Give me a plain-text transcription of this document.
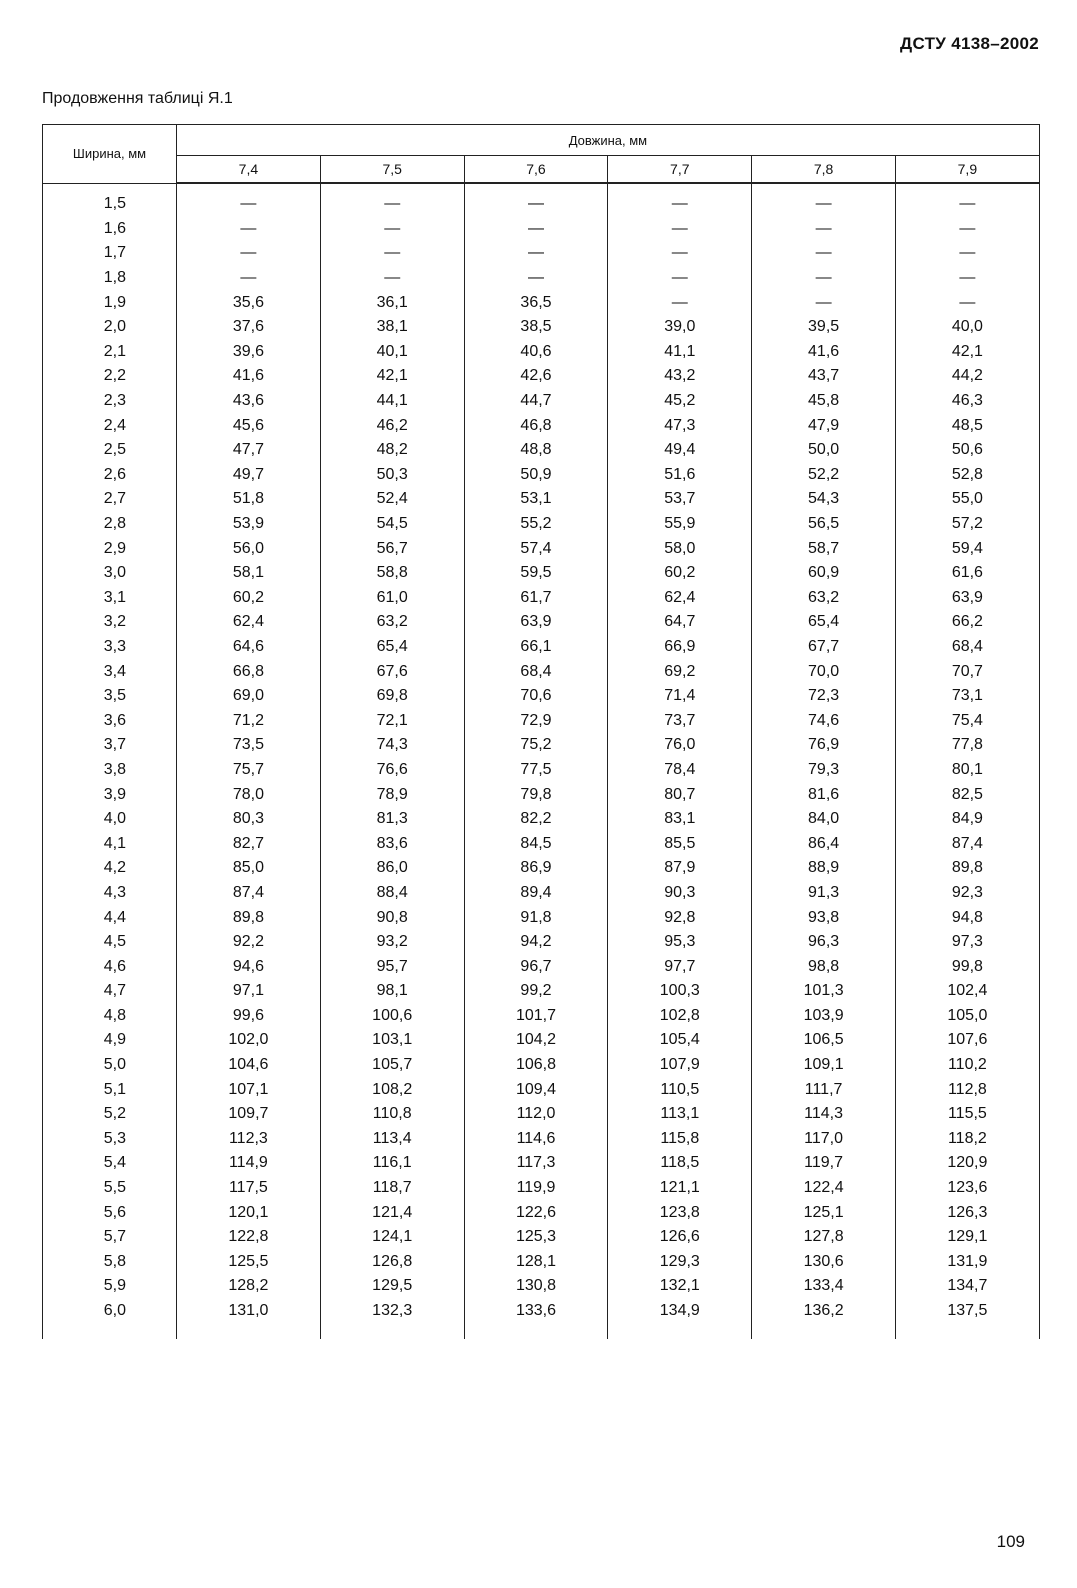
ДСТУ 4138–2002
Продовження таблиці Я.1
Ширина, мм	Довжина, мм					
	7,4	7,5	7,6	7,7	7,8	7,9
1,5	—	—	—	—	—	—
1,6	—	—	—	—	—	—
1,7	—	—	—	—	—	—
1,8	—	—	—	—	—	—
1,9	35,6	36,1	36,5	—	—	—
2,0	37,6	38,1	38,5	39,0	39,5	40,0
2,1	39,6	40,1	40,6	41,1	41,6	42,1
2,2	41,6	42,1	42,6	43,2	43,7	44,2
2,3	43,6	44,1	44,7	45,2	45,8	46,3
2,4	45,6	46,2	46,8	47,3	47,9	48,5
2,5	47,7	48,2	48,8	49,4	50,0	50,6
2,6	49,7	50,3	50,9	51,6	52,2	52,8
2,7	51,8	52,4	53,1	53,7	54,3	55,0
2,8	53,9	54,5	55,2	55,9	56,5	57,2
2,9	56,0	56,7	57,4	58,0	58,7	59,4
3,0	58,1	58,8	59,5	60,2	60,9	61,6
3,1	60,2	61,0	61,7	62,4	63,2	63,9
3,2	62,4	63,2	63,9	64,7	65,4	66,2
3,3	64,6	65,4	66,1	66,9	67,7	68,4
3,4	66,8	67,6	68,4	69,2	70,0	70,7
3,5	69,0	69,8	70,6	71,4	72,3	73,1
3,6	71,2	72,1	72,9	73,7	74,6	75,4
3,7	73,5	74,3	75,2	76,0	76,9	77,8
3,8	75,7	76,6	77,5	78,4	79,3	80,1
3,9	78,0	78,9	79,8	80,7	81,6	82,5
4,0	80,3	81,3	82,2	83,1	84,0	84,9
4,1	82,7	83,6	84,5	85,5	86,4	87,4
4,2	85,0	86,0	86,9	87,9	88,9	89,8
4,3	87,4	88,4	89,4	90,3	91,3	92,3
4,4	89,8	90,8	91,8	92,8	93,8	94,8
4,5	92,2	93,2	94,2	95,3	96,3	97,3
4,6	94,6	95,7	96,7	97,7	98,8	99,8
4,7	97,1	98,1	99,2	100,3	101,3	102,4
4,8	99,6	100,6	101,7	102,8	103,9	105,0
4,9	102,0	103,1	104,2	105,4	106,5	107,6
5,0	104,6	105,7	106,8	107,9	109,1	110,2
5,1	107,1	108,2	109,4	110,5	111,7	112,8
5,2	109,7	110,8	112,0	113,1	114,3	115,5
5,3	112,3	113,4	114,6	115,8	117,0	118,2
5,4	114,9	116,1	117,3	118,5	119,7	120,9
5,5	117,5	118,7	119,9	121,1	122,4	123,6
5,6	120,1	121,4	122,6	123,8	125,1	126,3
5,7	122,8	124,1	125,3	126,6	127,8	129,1
5,8	125,5	126,8	128,1	129,3	130,6	131,9
5,9	128,2	129,5	130,8	132,1	133,4	134,7
6,0	131,0	132,3	133,6	134,9	136,2	137,5
109
